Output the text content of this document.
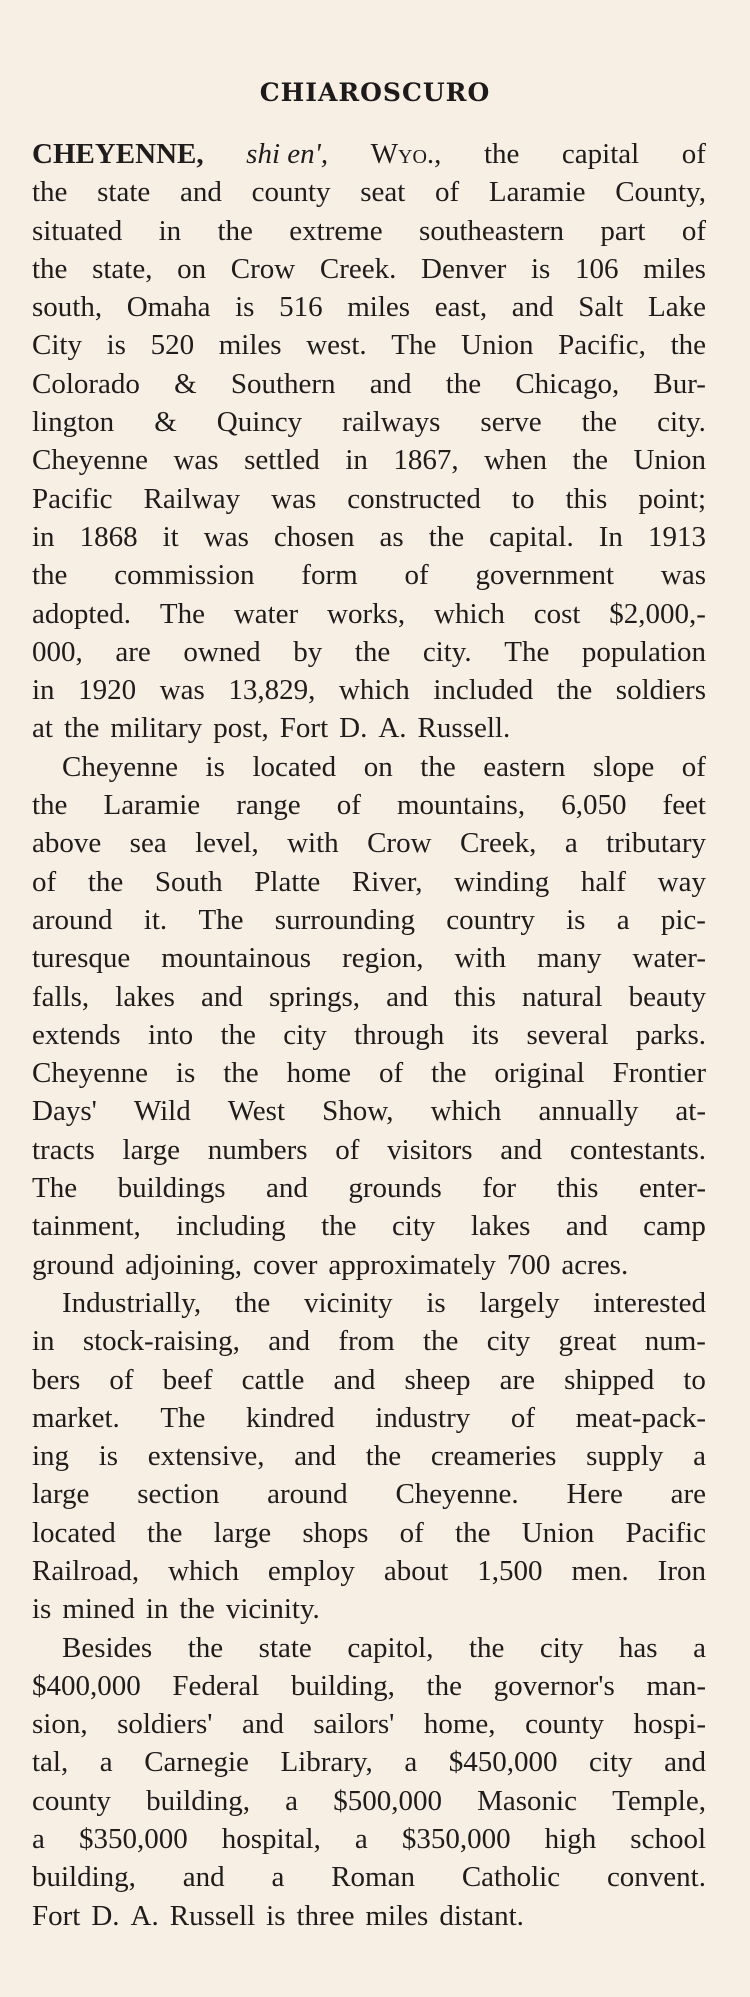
CHIAROSCURO
CHEYENNE, shi en', Wyo., the capital of
the state and county seat of Laramie County,
situated in the extreme southeastern part of
the state, on Crow Creek. Denver is 106 miles
south, Omaha is 516 miles east, and Salt Lake
City is 520 miles west. The Union Pacific, the
Colorado & Southern and the Chicago, Bur-
lington & Quincy railways serve the city.
Cheyenne was settled in 1867, when the Union
Pacific Railway was constructed to this point;
in 1868 it was chosen as the capital. In 1913
the commission form of government was
adopted. The water works, which cost $2,000,-
000, are owned by the city. The population
in 1920 was 13,829, which included the soldiers
at the military post, Fort D. A. Russell.
Cheyenne is located on the eastern slope of
the Laramie range of mountains, 6,050 feet
above sea level, with Crow Creek, a tributary
of the South Platte River, winding half way
around it. The surrounding country is a pic-
turesque mountainous region, with many water-
falls, lakes and springs, and this natural beauty
extends into the city through its several parks.
Cheyenne is the home of the original Frontier
Days' Wild West Show, which annually at-
tracts large numbers of visitors and contestants.
The buildings and grounds for this enter-
tainment, including the city lakes and camp
ground adjoining, cover approximately 700 acres.
Industrially, the vicinity is largely interested
in stock-raising, and from the city great num-
bers of beef cattle and sheep are shipped to
market. The kindred industry of meat-pack-
ing is extensive, and the creameries supply a
large section around Cheyenne. Here are
located the large shops of the Union Pacific
Railroad, which employ about 1,500 men. Iron
is mined in the vicinity.
Besides the state capitol, the city has a
$400,000 Federal building, the governor's man-
sion, soldiers' and sailors' home, county hospi-
tal, a Carnegie Library, a $450,000 city and
county building, a $500,000 Masonic Temple,
a $350,000 hospital, a $350,000 high school
building, and a Roman Catholic convent.
Fort D. A. Russell is three miles distant.
